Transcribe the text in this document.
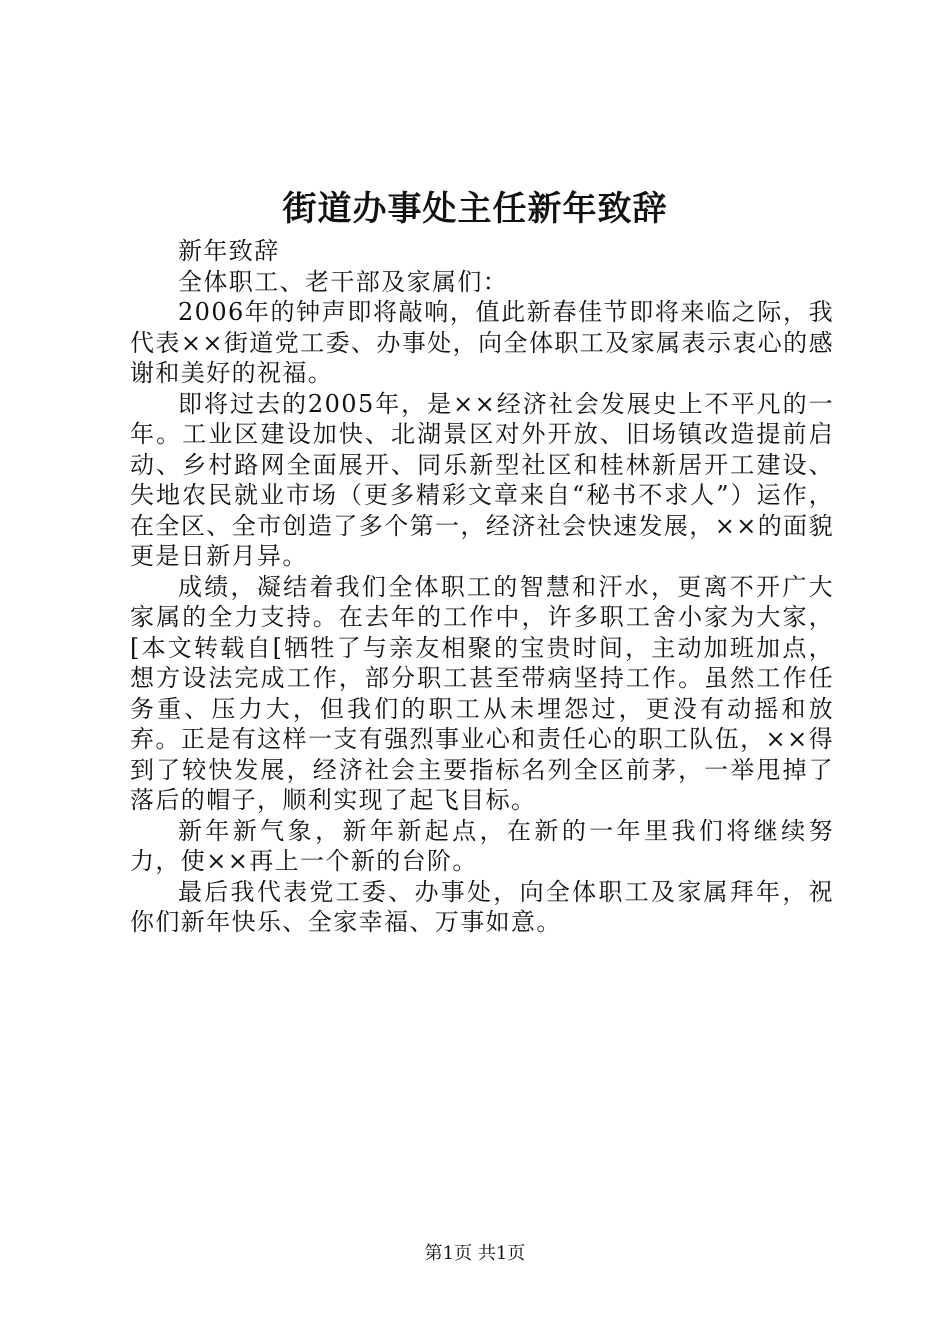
街道办事处主任新年致辞

新年致辞

全体职工、老干部及家属们：

2006年的钟声即将敲响，值此新春佳节即将来临之际，我代表××街道党工委、办事处，向全体职工及家属表示衷心的感谢和美好的祝福。

即将过去的2005年，是××经济社会发展史上不平凡的一年。工业区建设加快、北湖景区对外开放、旧场镇改造提前启动、乡村路网全面展开、同乐新型社区和桂林新居开工建设、失地农民就业市场（更多精彩文章来自“秘书不求人”）运作，在全区、全市创造了多个第一，经济社会快速发展，××的面貌更是日新月异。

成绩，凝结着我们全体职工的智慧和汗水，更离不开广大家属的全力支持。在去年的工作中，许多职工舍小家为大家，[本文转载自[牺牲了与亲友相聚的宝贵时间，主动加班加点，想方设法完成工作，部分职工甚至带病坚持工作。虽然工作任务重、压力大，但我们的职工从未埋怨过，更没有动摇和放弃。正是有这样一支有强烈事业心和责任心的职工队伍，××得到了较快发展，经济社会主要指标名列全区前茅，一举甩掉了落后的帽子，顺利实现了起飞目标。

新年新气象，新年新起点，在新的一年里我们将继续努力，使××再上一个新的台阶。

最后我代表党工委、办事处，向全体职工及家属拜年，祝你们新年快乐、全家幸福、万事如意。

第1页 共1页
